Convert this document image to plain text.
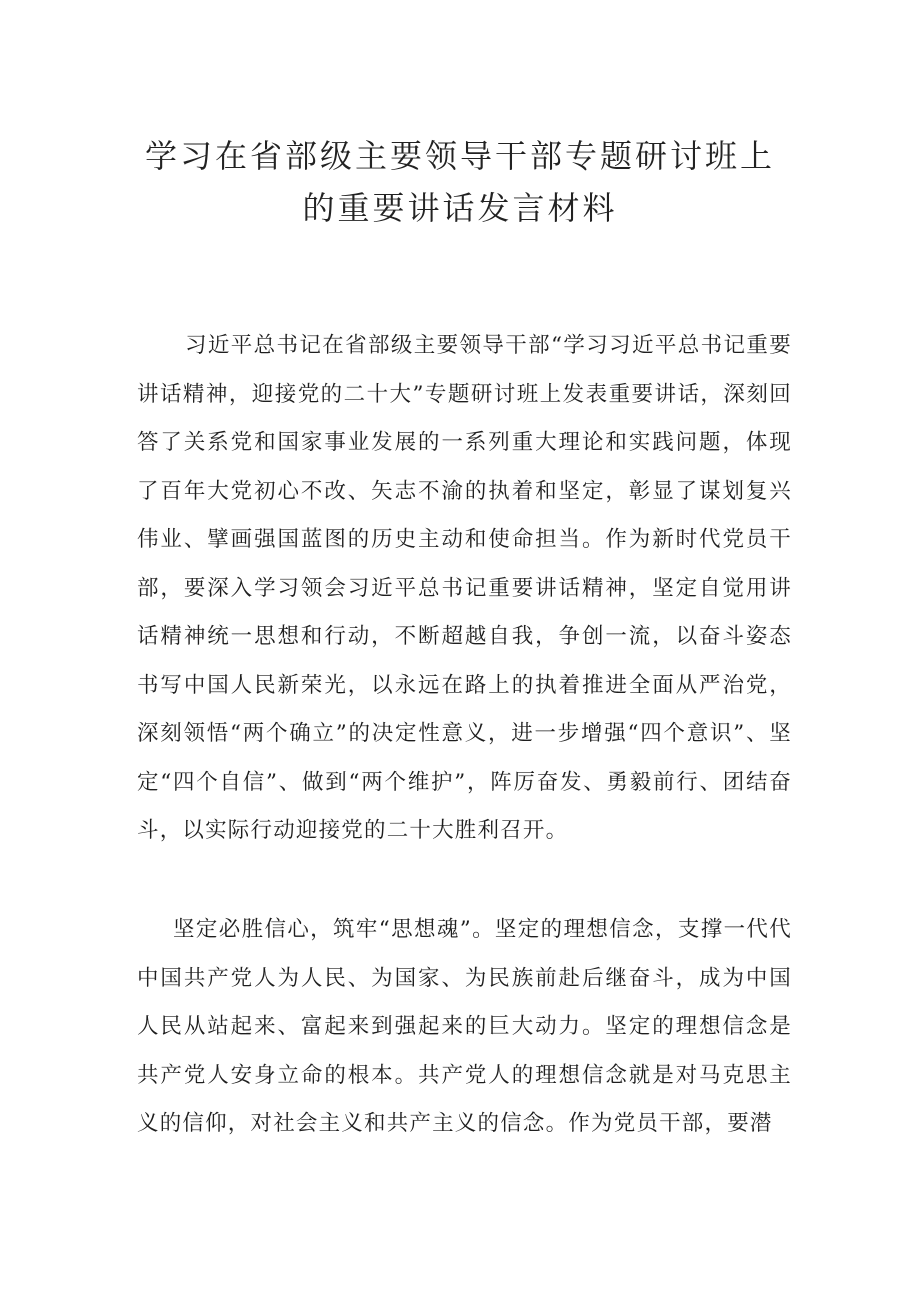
学习在省部级主要领导干部专题研讨班上
的重要讲话发言材料

习近平总书记在省部级主要领导干部“学习习近平总书记重要讲话精神，迎接党的二十大”专题研讨班上发表重要讲话，深刻回答了关系党和国家事业发展的一系列重大理论和实践问题，体现了百年大党初心不改、矢志不渝的执着和坚定，彰显了谋划复兴伟业、擘画强国蓝图的历史主动和使命担当。作为新时代党员干部，要深入学习领会习近平总书记重要讲话精神，坚定自觉用讲话精神统一思想和行动，不断超越自我，争创一流，以奋斗姿态书写中国人民新荣光，以永远在路上的执着推进全面从严治党，深刻领悟“两个确立”的决定性意义，进一步增强“四个意识”、坚定“四个自信”、做到“两个维护”，阵厉奋发、勇毅前行、团结奋斗，以实际行动迎接党的二十大胜利召开。

坚定必胜信心，筑牢“思想魂”。坚定的理想信念，支撑一代代中国共产党人为人民、为国家、为民族前赴后继奋斗，成为中国人民从站起来、富起来到强起来的巨大动力。坚定的理想信念是共产党人安身立命的根本。共产党人的理想信念就是对马克思主义的信仰，对社会主义和共产主义的信念。作为党员干部，要潜
